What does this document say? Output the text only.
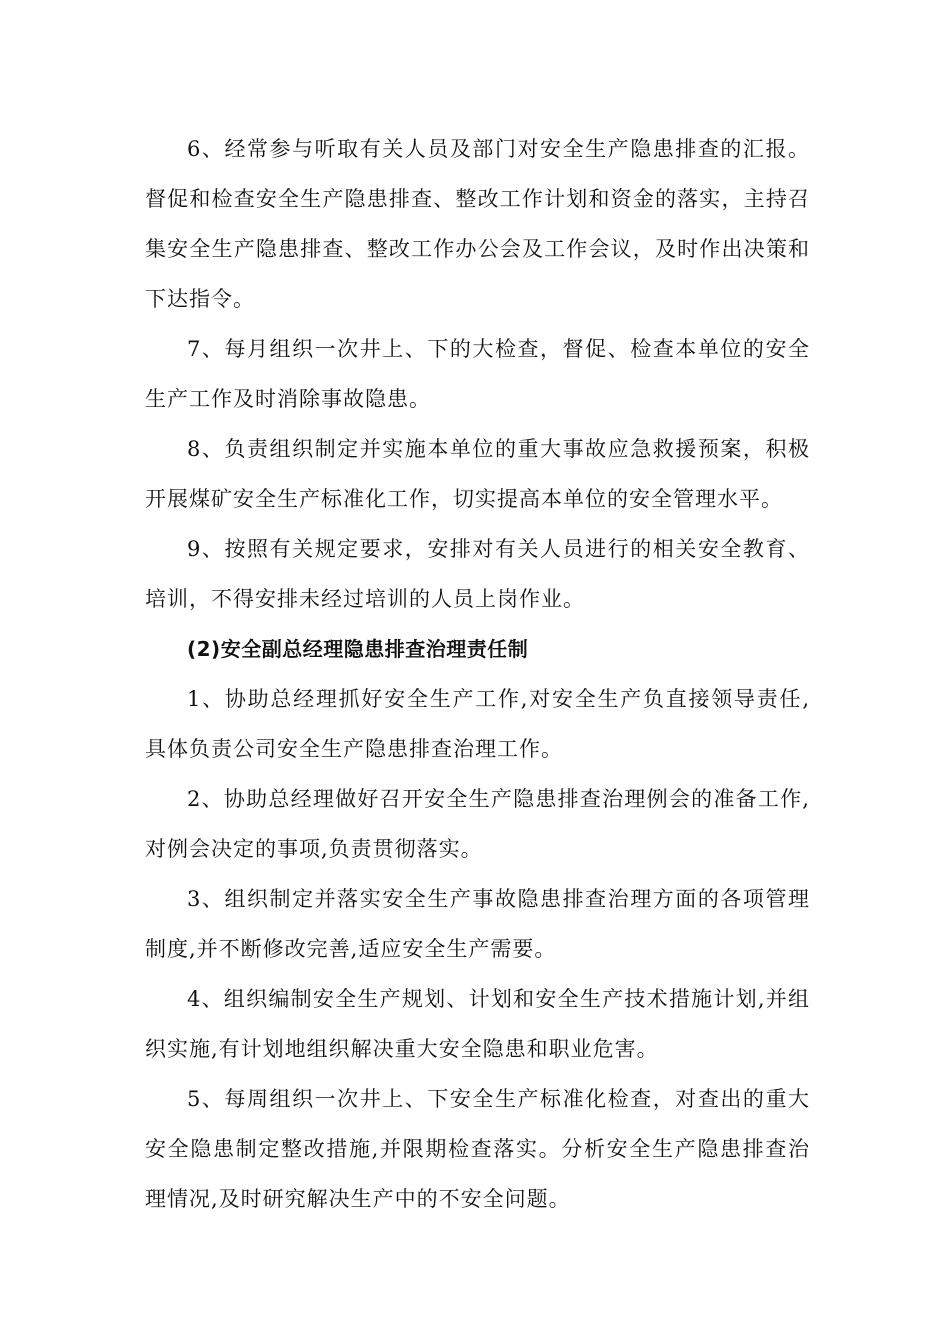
6、经常参与听取有关人员及部门对安全生产隐患排查的汇报。督促和检查安全生产隐患排查、整改工作计划和资金的落实，主持召集安全生产隐患排查、整改工作办公会及工作会议，及时作出决策和下达指令。

7、每月组织一次井上、下的大检查，督促、检查本单位的安全生产工作及时消除事故隐患。

8、负责组织制定并实施本单位的重大事故应急救援预案，积极开展煤矿安全生产标准化工作，切实提高本单位的安全管理水平。

9、按照有关规定要求，安排对有关人员进行的相关安全教育、培训，不得安排未经过培训的人员上岗作业。

(2)安全副总经理隐患排查治理责任制

1、协助总经理抓好安全生产工作,对安全生产负直接领导责任,具体负责公司安全生产隐患排查治理工作。

2、协助总经理做好召开安全生产隐患排查治理例会的准备工作,对例会决定的事项,负责贯彻落实。

3、组织制定并落实安全生产事故隐患排查治理方面的各项管理制度,并不断修改完善,适应安全生产需要。

4、组织编制安全生产规划、计划和安全生产技术措施计划,并组织实施,有计划地组织解决重大安全隐患和职业危害。

5、每周组织一次井上、下安全生产标准化检查，对查出的重大安全隐患制定整改措施,并限期检查落实。分析安全生产隐患排查治理情况,及时研究解决生产中的不安全问题。
